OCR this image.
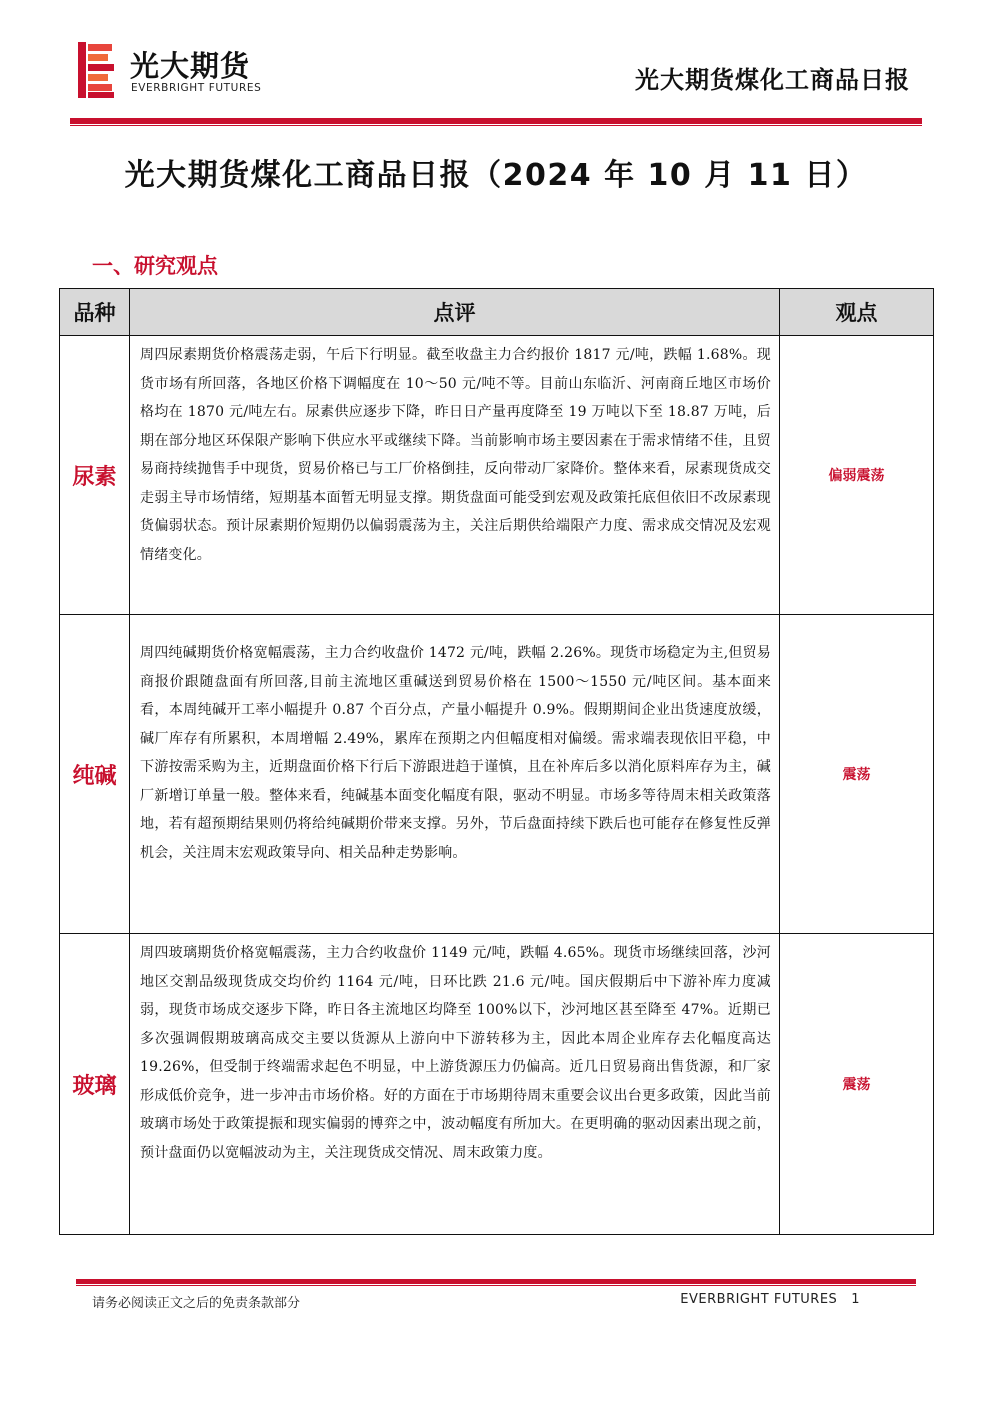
光大期货
EVERBRIGHT FUTURES	光大期货煤化工商品日报
光大期货煤化工商品日报（2024 年 10 月 11 日）
一、研究观点
品种	点评	观点
尿素	周四尿素期货价格震荡走弱，午后下行明显。截至收盘主力合约报价 1817 元/吨，跌幅 1.68%。现货市场有所回落，各地区价格下调幅度在 10～50 元/吨不等。目前山东临沂、河南商丘地区市场价格均在 1870 元/吨左右。尿素供应逐步下降，昨日日产量再度降至 19 万吨以下至 18.87 万吨，后期在部分地区环保限产影响下供应水平或继续下降。当前影响市场主要因素在于需求情绪不佳，且贸易商持续抛售手中现货，贸易价格已与工厂价格倒挂，反向带动厂家降价。整体来看，尿素现货成交走弱主导市场情绪，短期基本面暂无明显支撑。期货盘面可能受到宏观及政策托底但依旧不改尿素现货偏弱状态。预计尿素期价短期仍以偏弱震荡为主，关注后期供给端限产力度、需求成交情况及宏观情绪变化。	偏弱震荡
纯碱	周四纯碱期货价格宽幅震荡，主力合约收盘价 1472 元/吨，跌幅 2.26%。现货市场稳定为主,但贸易商报价跟随盘面有所回落,目前主流地区重碱送到贸易价格在 1500～1550 元/吨区间。基本面来看，本周纯碱开工率小幅提升 0.87 个百分点，产量小幅提升 0.9%。假期期间企业出货速度放缓，碱厂库存有所累积，本周增幅 2.49%，累库在预期之内但幅度相对偏缓。需求端表现依旧平稳，中下游按需采购为主，近期盘面价格下行后下游跟进趋于谨慎，且在补库后多以消化原料库存为主，碱厂新增订单量一般。整体来看，纯碱基本面变化幅度有限，驱动不明显。市场多等待周末相关政策落地，若有超预期结果则仍将给纯碱期价带来支撑。另外，节后盘面持续下跌后也可能存在修复性反弹机会，关注周末宏观政策导向、相关品种走势影响。	震荡
玻璃	周四玻璃期货价格宽幅震荡，主力合约收盘价 1149 元/吨，跌幅 4.65%。现货市场继续回落，沙河地区交割品级现货成交均价约 1164 元/吨，日环比跌 21.6 元/吨。国庆假期后中下游补库力度减弱，现货市场成交逐步下降，昨日各主流地区均降至 100%以下，沙河地区甚至降至 47%。近期已多次强调假期玻璃高成交主要以货源从上游向中下游转移为主，因此本周企业库存去化幅度高达 19.26%，但受制于终端需求起色不明显，中上游货源压力仍偏高。近几日贸易商出售货源，和厂家形成低价竞争，进一步冲击市场价格。好的方面在于市场期待周末重要会议出台更多政策，因此当前玻璃市场处于政策提振和现实偏弱的博弈之中，波动幅度有所加大。在更明确的驱动因素出现之前，预计盘面仍以宽幅波动为主，关注现货成交情况、周末政策力度。	震荡
请务必阅读正文之后的免责条款部分	EVERBRIGHT FUTURES 1
